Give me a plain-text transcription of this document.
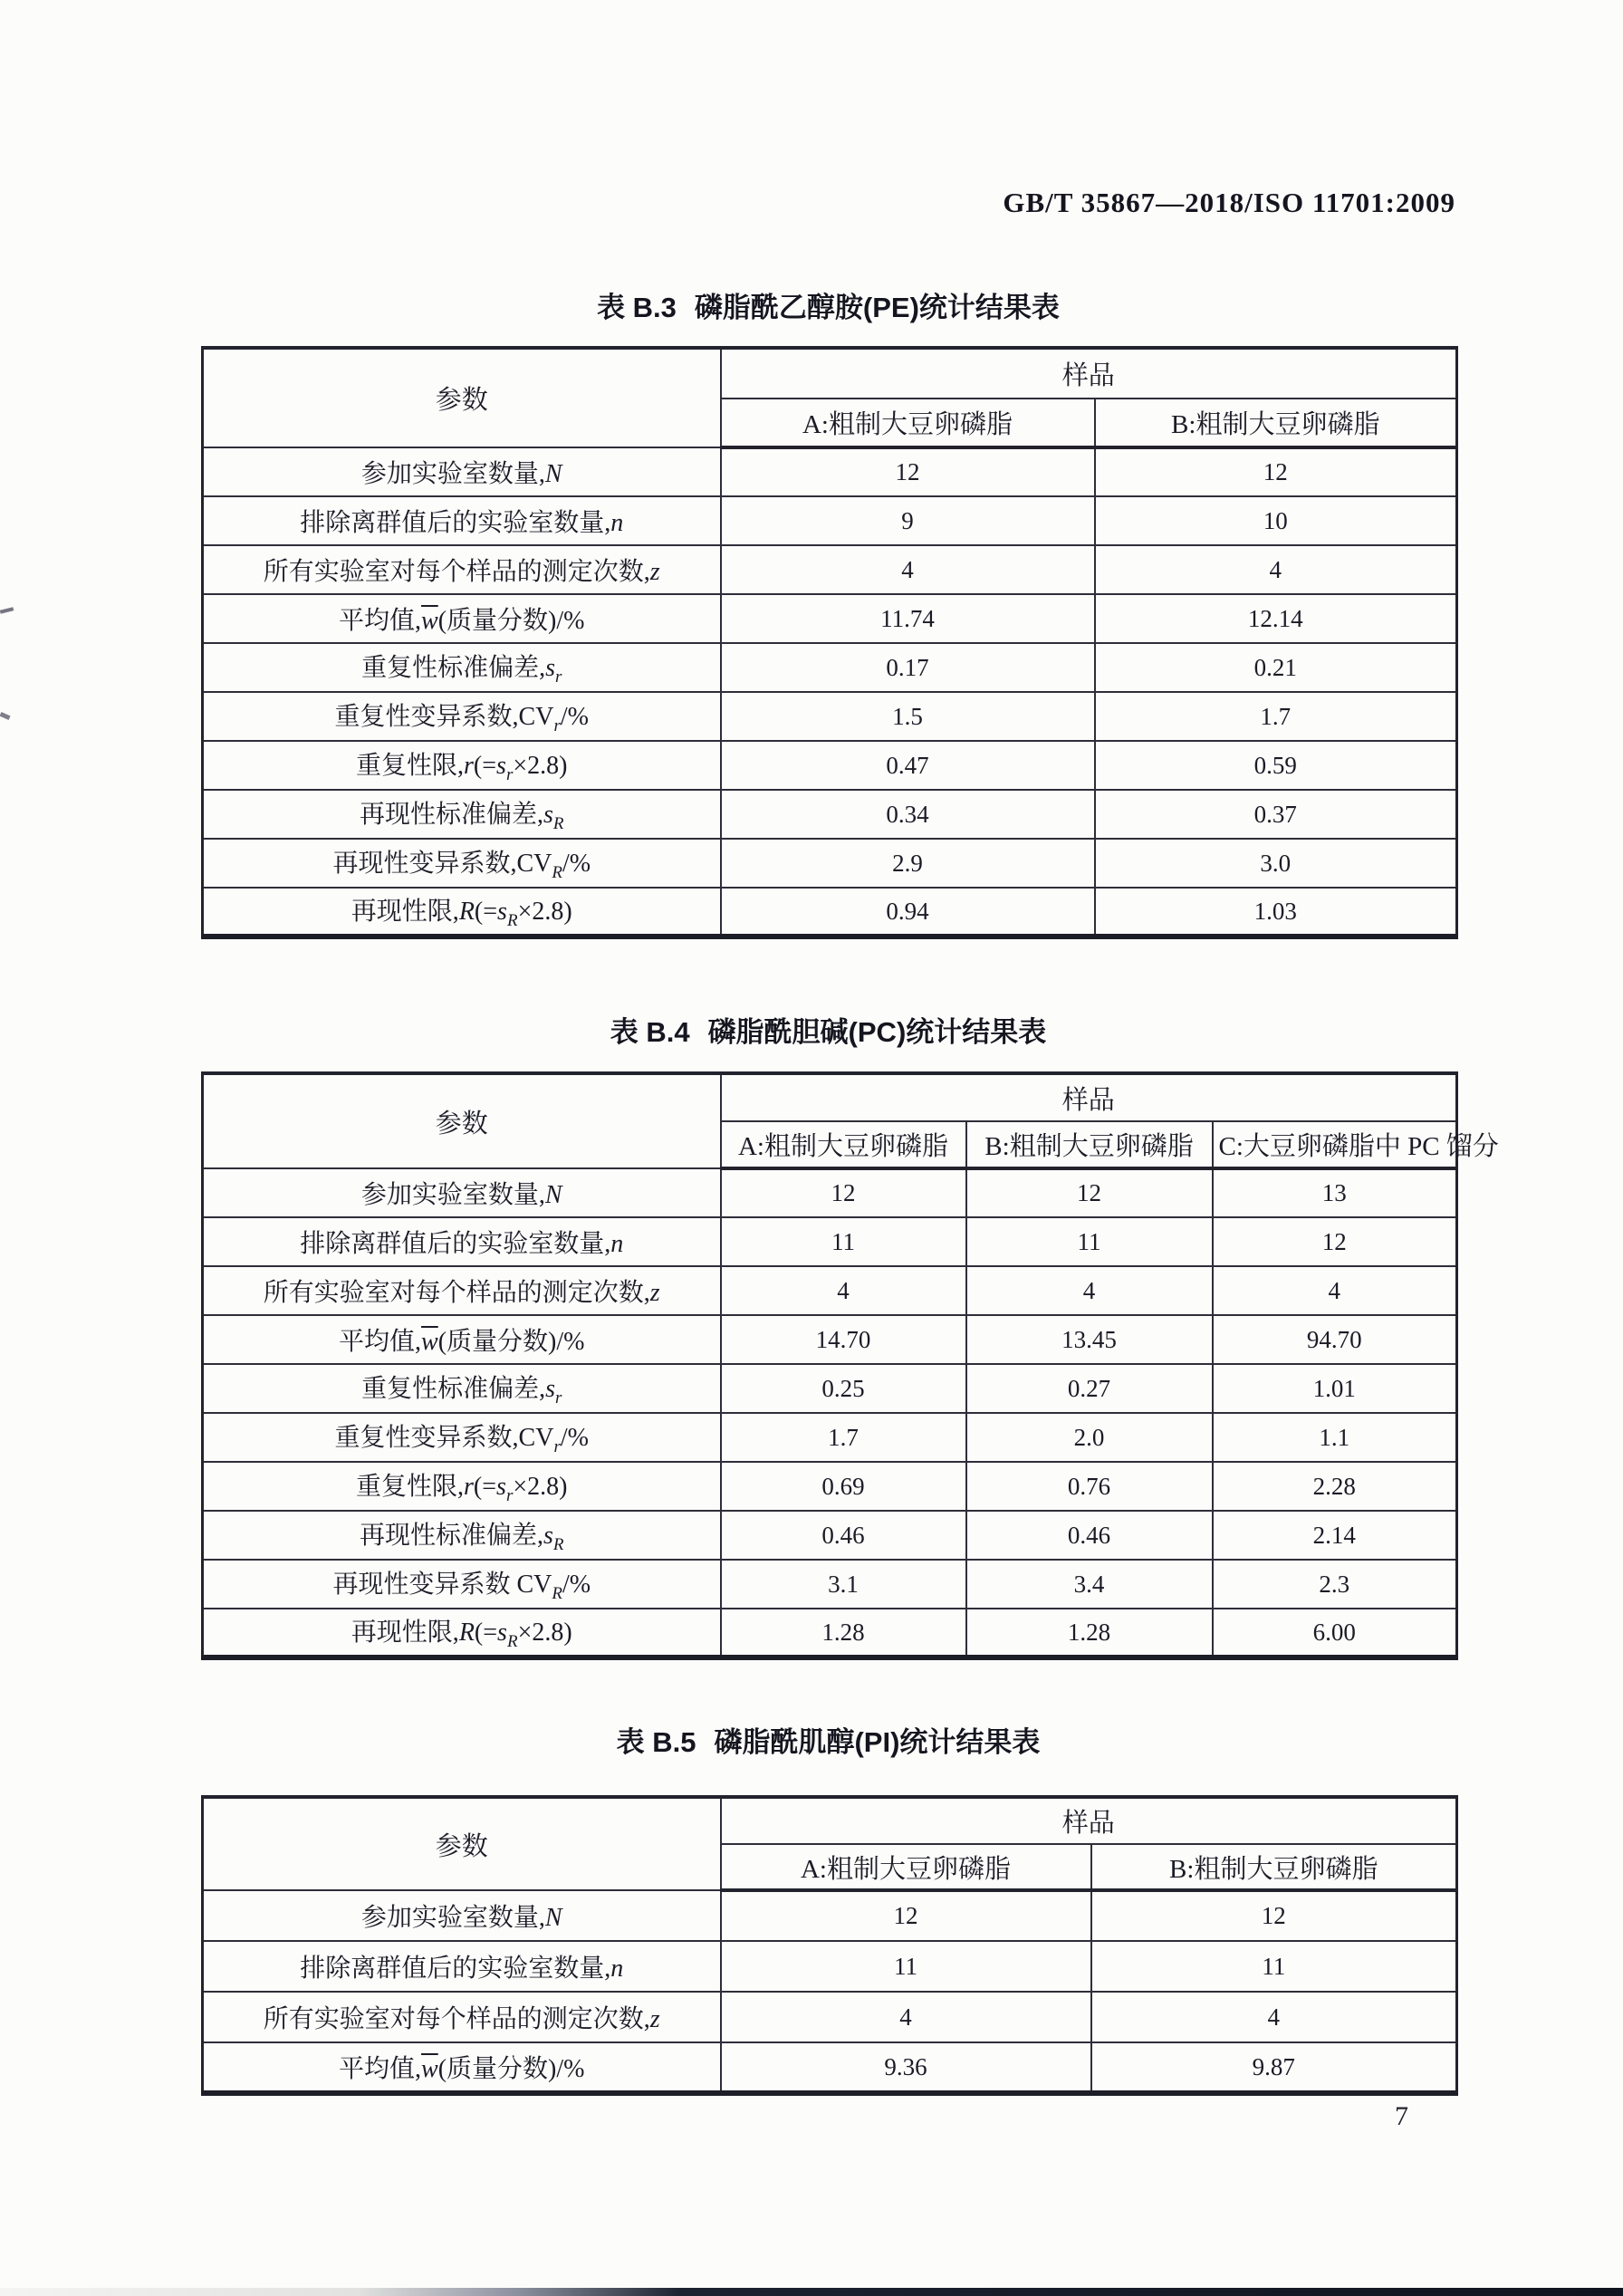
GB/T 35867—2018/ISO 11701:2009
表 B.3 磷脂酰乙醇胺(PE)统计结果表
参数	样品	
	A:粗制大豆卵磷脂	B:粗制大豆卵磷脂
参加实验室数量,N	12	12
排除离群值后的实验室数量,n	9	10
所有实验室对每个样品的测定次数,z	4	4
平均值$,\overline{w}$(质量分数)/%	11.74	12.14
重复性标准偏差$,s_r$	0.17	0.21
重复性变异系数$,CV_r/\%$	1.5	1.7
重复性限$,r(=s_r\times 2.8)$	0.47	0.59
再现性标准偏差$,s_R$	0.34	0.37
再现性变异系数$,CV_R/\%$	2.9	3.0
再现性限$,R(=s_R\times 2.8)$	0.94	1.03
表 B.4 磷脂酰胆碱(PC)统计结果表
参数	样品		
	A:粗制大豆卵磷脂	B:粗制大豆卵磷脂	C:大豆卵磷脂中 PC 馏分
参加实验室数量,N	12	12	13
排除离群值后的实验室数量,n	11	11	12
所有实验室对每个样品的测定次数,z	4	4	4
平均值$,\overline{w}$(质量分数)/%	14.70	13.45	94.70
重复性标准偏差$,s_r$	0.25	0.27	1.01
重复性变异系数$,CV_r/\%$	1.7	2.0	1.1
重复性限$,r(=s_r\times 2.8)$	0.69	0.76	2.28
再现性标准偏差$,s_R$	0.46	0.46	2.14
再现性变异系数 $CV_R/\%$	3.1	3.4	2.3
再现性限$,R(=s_R\times 2.8)$	1.28	1.28	6.00
表 B.5 磷脂酰肌醇(PI)统计结果表
参数	样品	
	A:粗制大豆卵磷脂	B:粗制大豆卵磷脂
参加实验室数量,N	12	12
排除离群值后的实验室数量,n	11	11
所有实验室对每个样品的测定次数,z	4	4
平均值$,\overline{w}$(质量分数)/%	9.36	9.87
7
